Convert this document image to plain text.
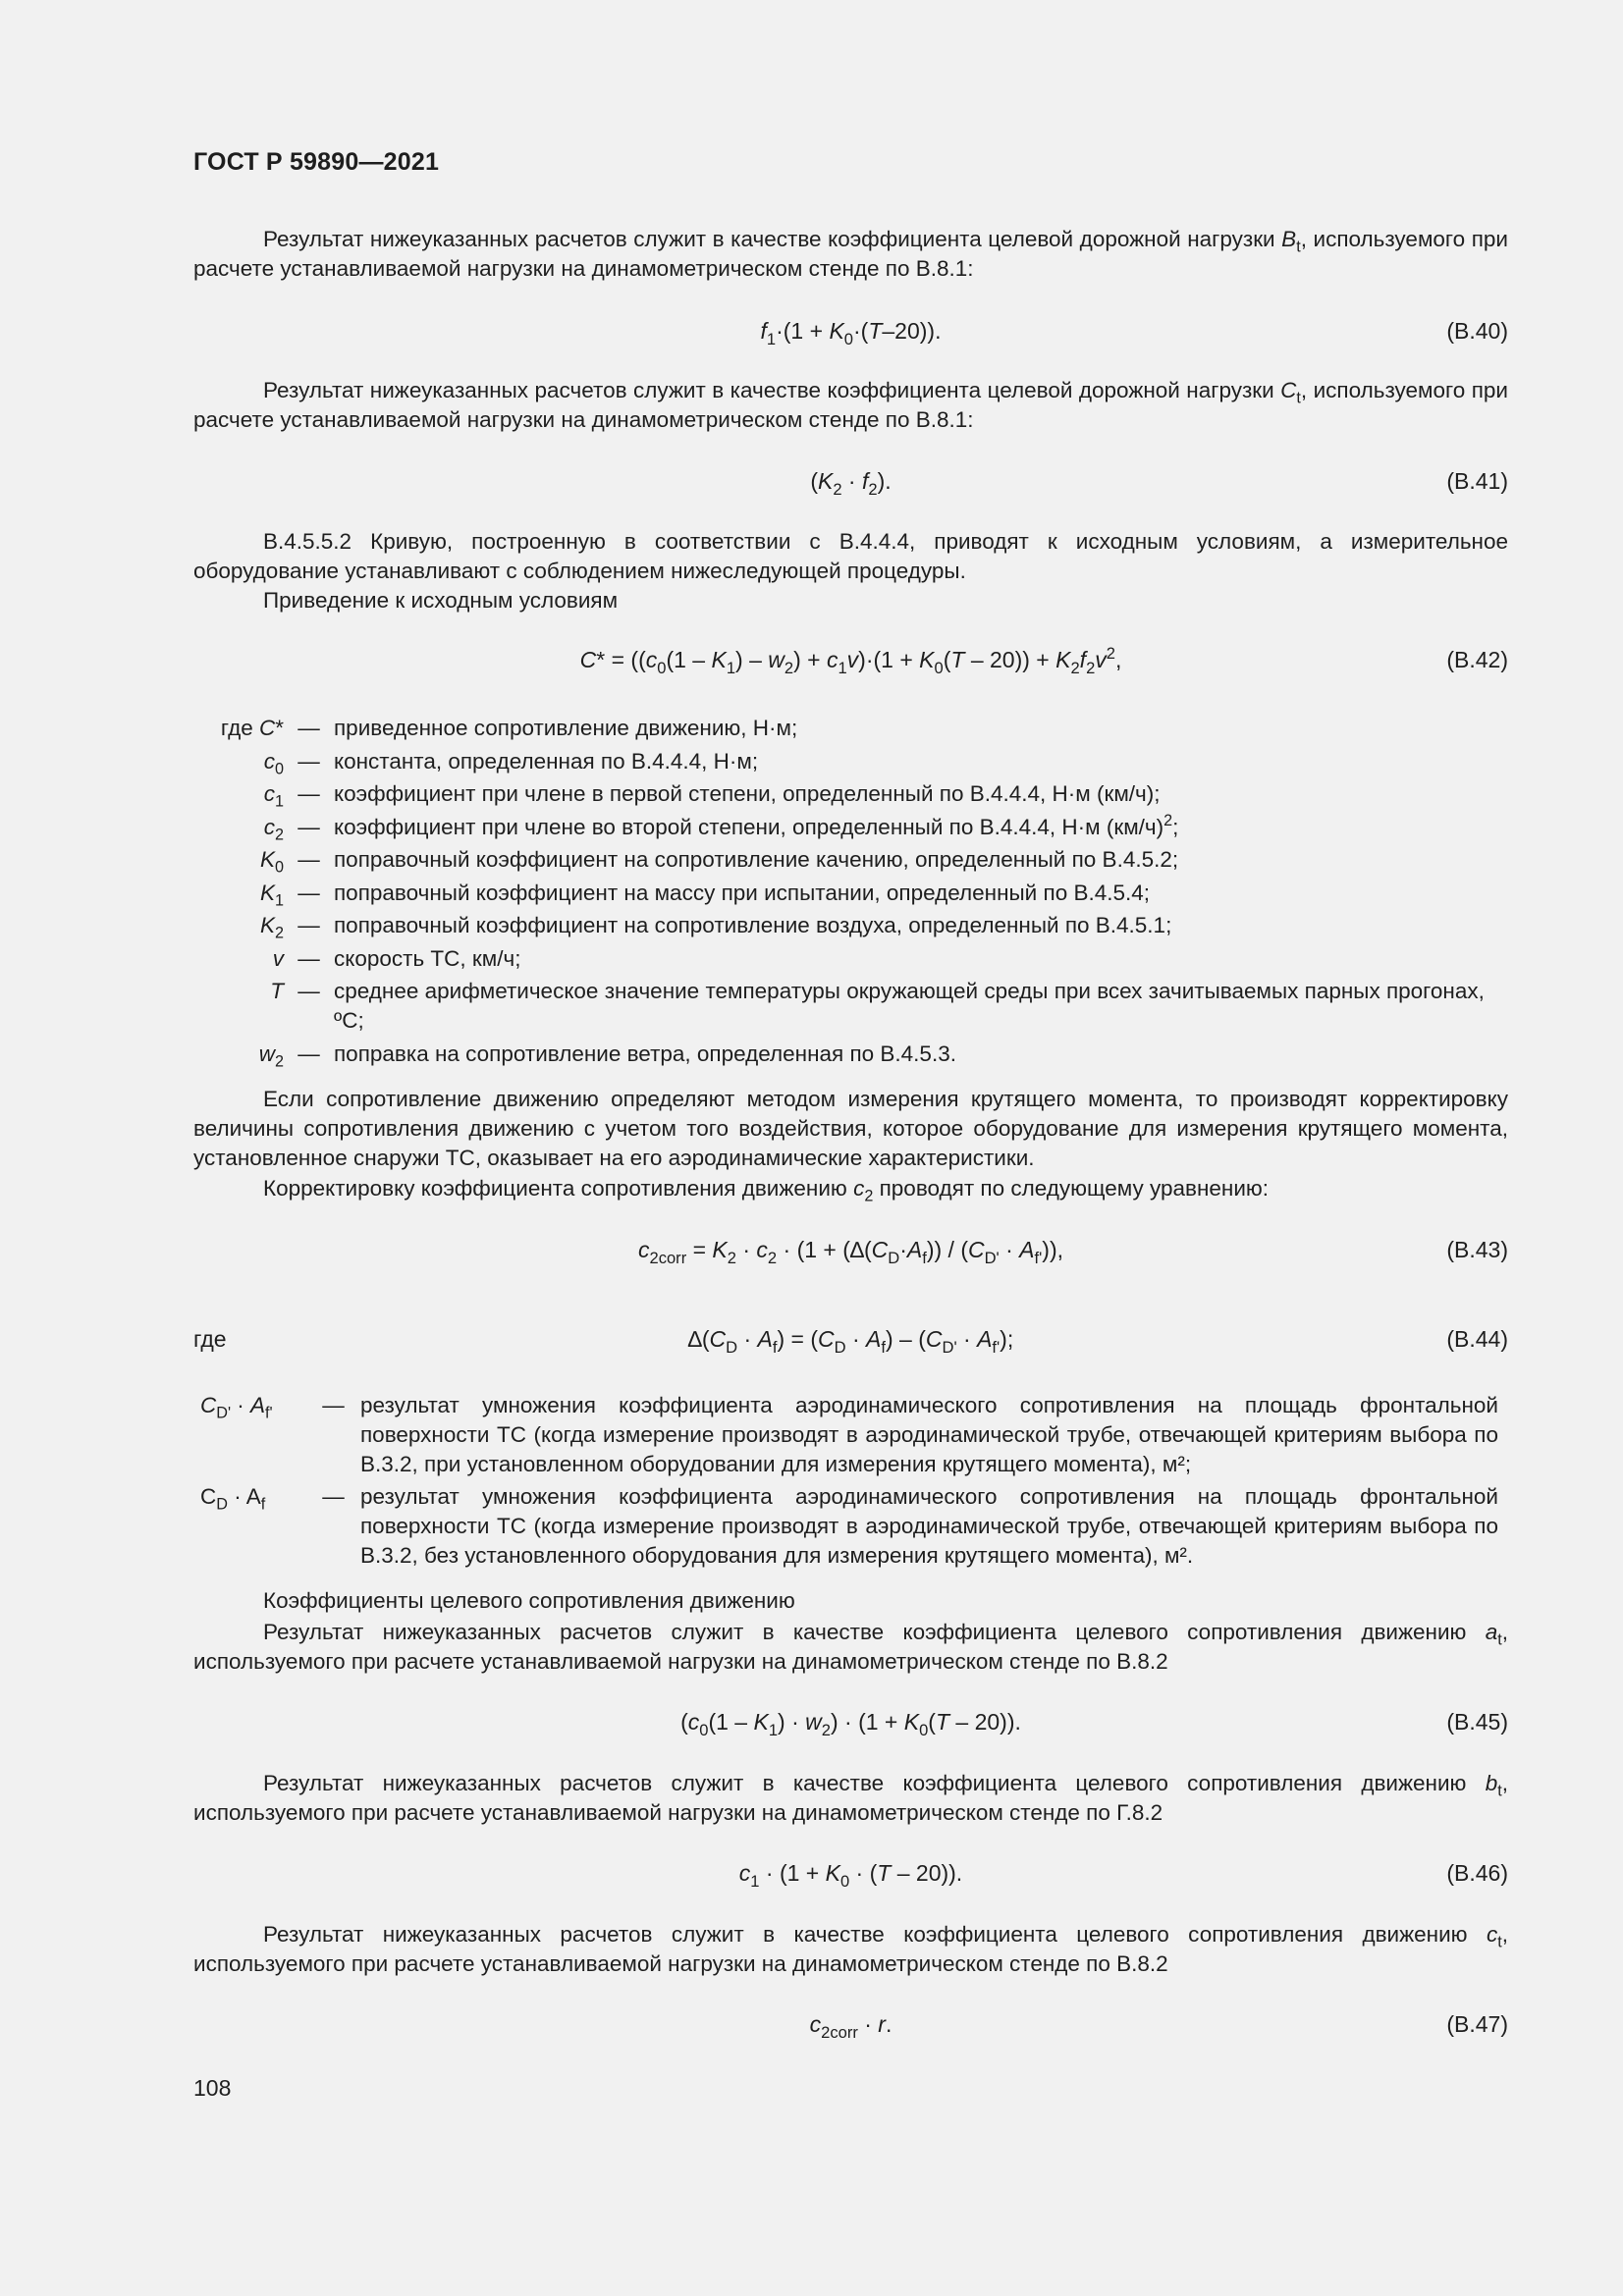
ГОСТ Р 59890—2021
Результат нижеуказанных расчетов служит в качестве коэффициента целевой дорожной нагрузки $B_t$, используемого при расчете устанавливаемой нагрузки на динамометрическом стенде по В.8.1:
$f_1\cdot(1 + K_0\cdot(T-20))$.	(В.40)
Результат нижеуказанных расчетов служит в качестве коэффициента целевой дорожной нагрузки $C_t$, используемого при расчете устанавливаемой нагрузки на динамометрическом стенде по В.8.1:
$(K_2 \cdot f_2)$.	(В.41)
В.4.5.5.2 Кривую, построенную в соответствии с В.4.4.4, приводят к исходным условиям, а измерительное оборудование устанавливают с соблюдением нижеследующей процедуры.
Приведение к исходным условиям
$C* = ((c_0(1 - K_1) - w_2) + c_1v)\cdot(1 + K_0(T - 20)) + K_2f_2v^2$,	(В.42)
где C* — приведенное сопротивление движению, Н·м;
$c_0$ — константа, определенная по В.4.4.4, Н·м;
$c_1$ — коэффициент при члене в первой степени, определенный по В.4.4.4, Н·м (км/ч);
$c_2$ — коэффициент при члене во второй степени, определенный по В.4.4.4, Н·м $(км/ч)^2$;
$K_0$ — поправочный коэффициент на сопротивление качению, определенный по В.4.5.2;
$K_1$ — поправочный коэффициент на массу при испытании, определенный по В.4.5.4;
$K_2$ — поправочный коэффициент на сопротивление воздуха, определенный по В.4.5.1;
v — скорость ТС, км/ч;
T — среднее арифметическое значение температуры окружающей среды при всех зачитываемых парных прогонах, ºC;
$w_2$ — поправка на сопротивление ветра, определенная по В.4.5.3.
Если сопротивление движению определяют методом измерения крутящего момента, то производят корректировку величины сопротивления движению с учетом того воздействия, которое оборудование для измерения крутящего момента, установленное снаружи ТС, оказывает на его аэродинамические характеристики.
Корректировку коэффициента сопротивления движению $c_2$ проводят по следующему уравнению:
$c_{2corr} = K_2 \cdot c_2 \cdot (1 + (\Delta(C_D\cdot A_f)) / (C_{D'} \cdot A_{f'}))$,	(В.43)
где	$\Delta(C_D \cdot A_f) = (C_D \cdot A_f) - (C_{D'} \cdot A_{f'})$;	(В.44)
$C_{D'} \cdot A_{f'}$	— результат умножения коэффициента аэродинамического сопротивления на площадь фронтальной поверхности ТС (когда измерение производят в аэродинамической трубе, отвечающей критериям выбора по В.3.2, при установленном оборудовании для измерения крутящего момента), м²;
$C_D \cdot A_f$	— результат умножения коэффициента аэродинамического сопротивления на площадь фронтальной поверхности ТС (когда измерение производят в аэродинамической трубе, отвечающей критериям выбора по В.3.2, без установленного оборудования для измерения крутящего момента), м².
Коэффициенты целевого сопротивления движению
Результат нижеуказанных расчетов служит в качестве коэффициента целевого сопротивления движению $a_t$, используемого при расчете устанавливаемой нагрузки на динамометрическом стенде по В.8.2
$(c_0(1 - K_1) \cdot w_2) \cdot (1 + K_0(T - 20))$.	(В.45)
Результат нижеуказанных расчетов служит в качестве коэффициента целевого сопротивления движению $b_t$, используемого при расчете устанавливаемой нагрузки на динамометрическом стенде по Г.8.2
$c_1 \cdot (1 + K_0 \cdot (T - 20))$.	(В.46)
Результат нижеуказанных расчетов служит в качестве коэффициента целевого сопротивления движению $c_t$, используемого при расчете устанавливаемой нагрузки на динамометрическом стенде по В.8.2
$c_{2corr} \cdot r$.	(В.47)
108
